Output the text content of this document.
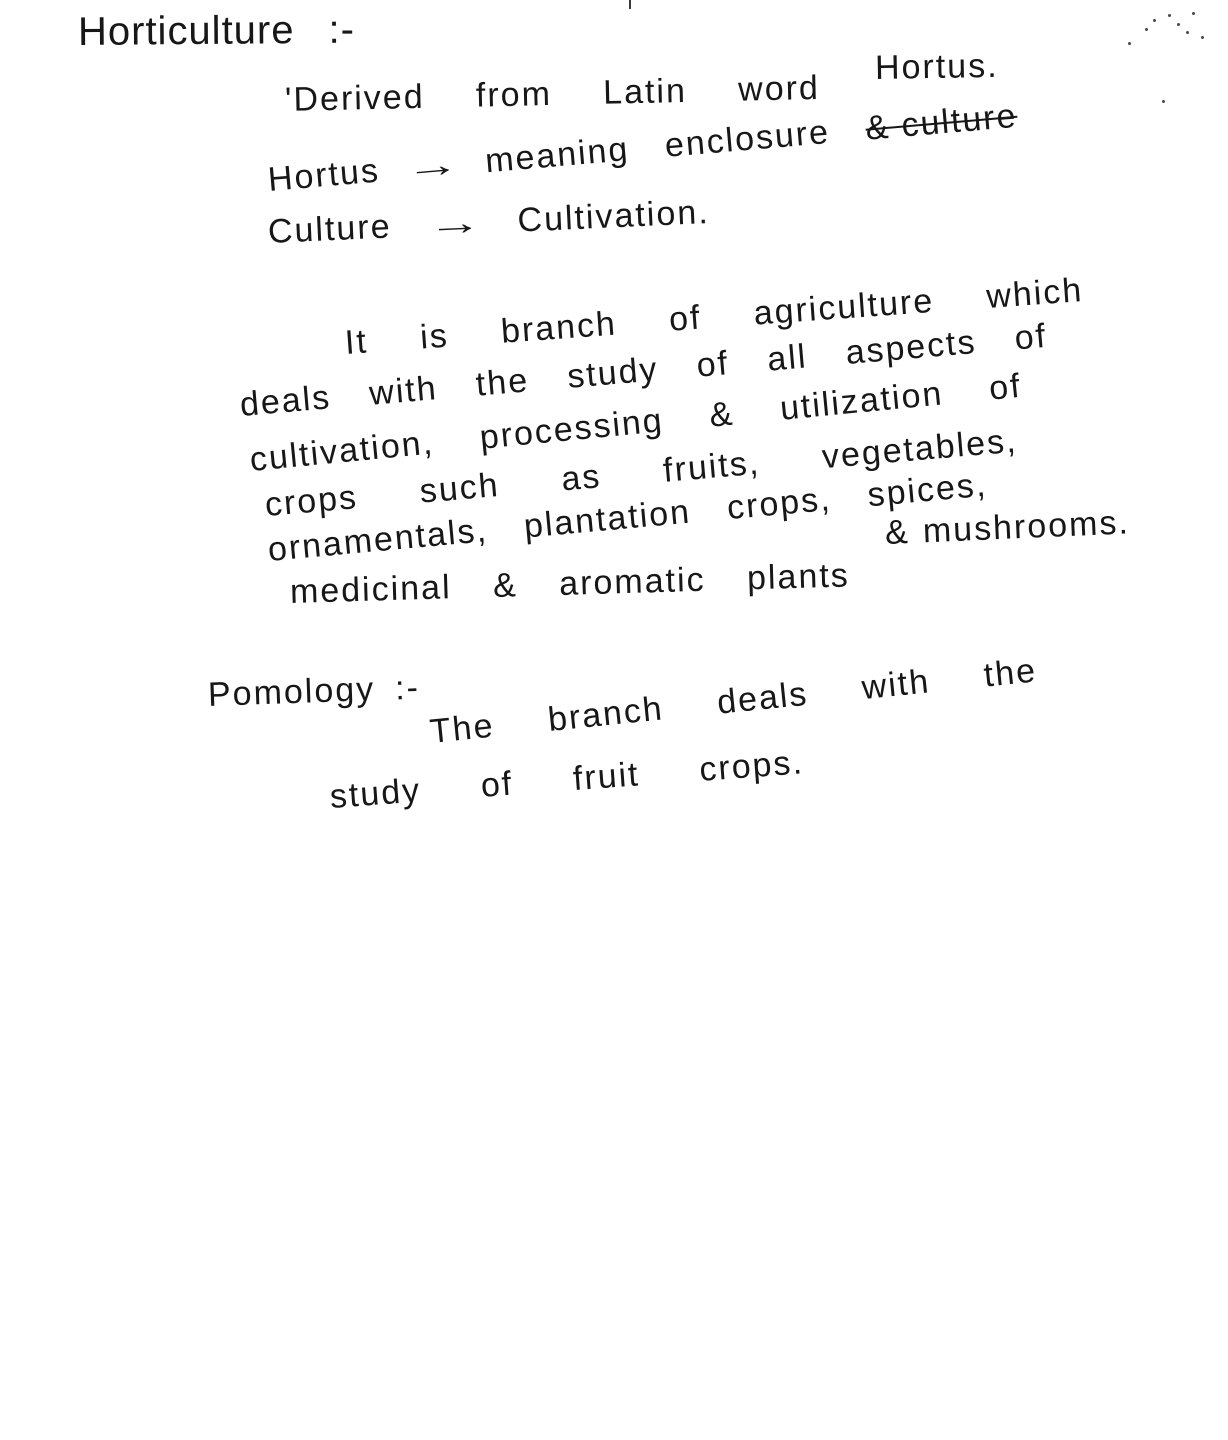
Horticulture :-
'Derived from Latin word
Hortus.
Hortus → meaning enclosure & culture
Culture → Cultivation.
It is branch of agriculture which
deals with the study of all aspects of
cultivation, processing & utilization of
crops such as fruits, vegetables,
ornamentals, plantation crops, spices,
medicinal & aromatic plants
& mushrooms.
Pomology :-
The branch deals with the
study of fruit crops.
